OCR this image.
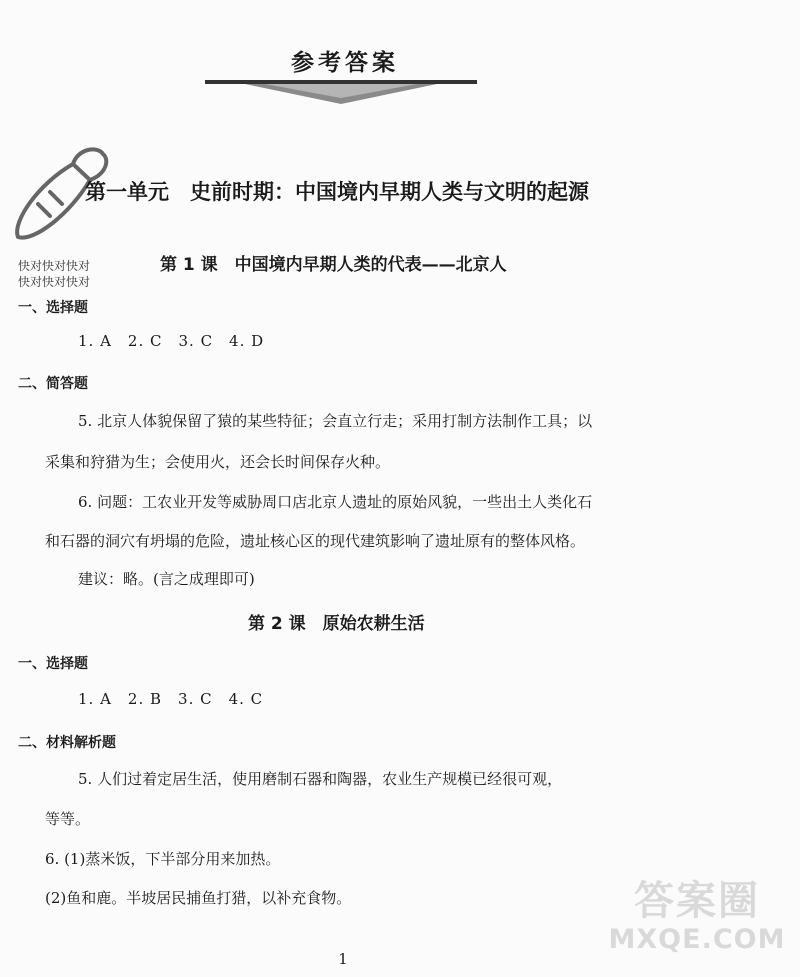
参考答案
快对快对快对
快对快对快对
第一单元　史前时期：中国境内早期人类与文明的起源
第 1 课　中国境内早期人类的代表——北京人
一、选择题
1. A 2. C 3. C 4. D
二、简答题
5. 北京人体貌保留了猿的某些特征；会直立行走；采用打制方法制作工具；以
采集和狩猎为生；会使用火，还会长时间保存火种。
6. 问题：工农业开发等威胁周口店北京人遗址的原始风貌，一些出土人类化石
和石器的洞穴有坍塌的危险，遗址核心区的现代建筑影响了遗址原有的整体风格。
建议：略。(言之成理即可)
第 2 课　原始农耕生活
一、选择题
1. A 2. B 3. C 4. C
二、材料解析题
5. 人们过着定居生活，使用磨制石器和陶器，农业生产规模已经很可观，
等等。
6. (1)蒸米饭，下半部分用来加热。
(2)鱼和鹿。半坡居民捕鱼打猎，以补充食物。
1
答案圈
MXQE.COM
